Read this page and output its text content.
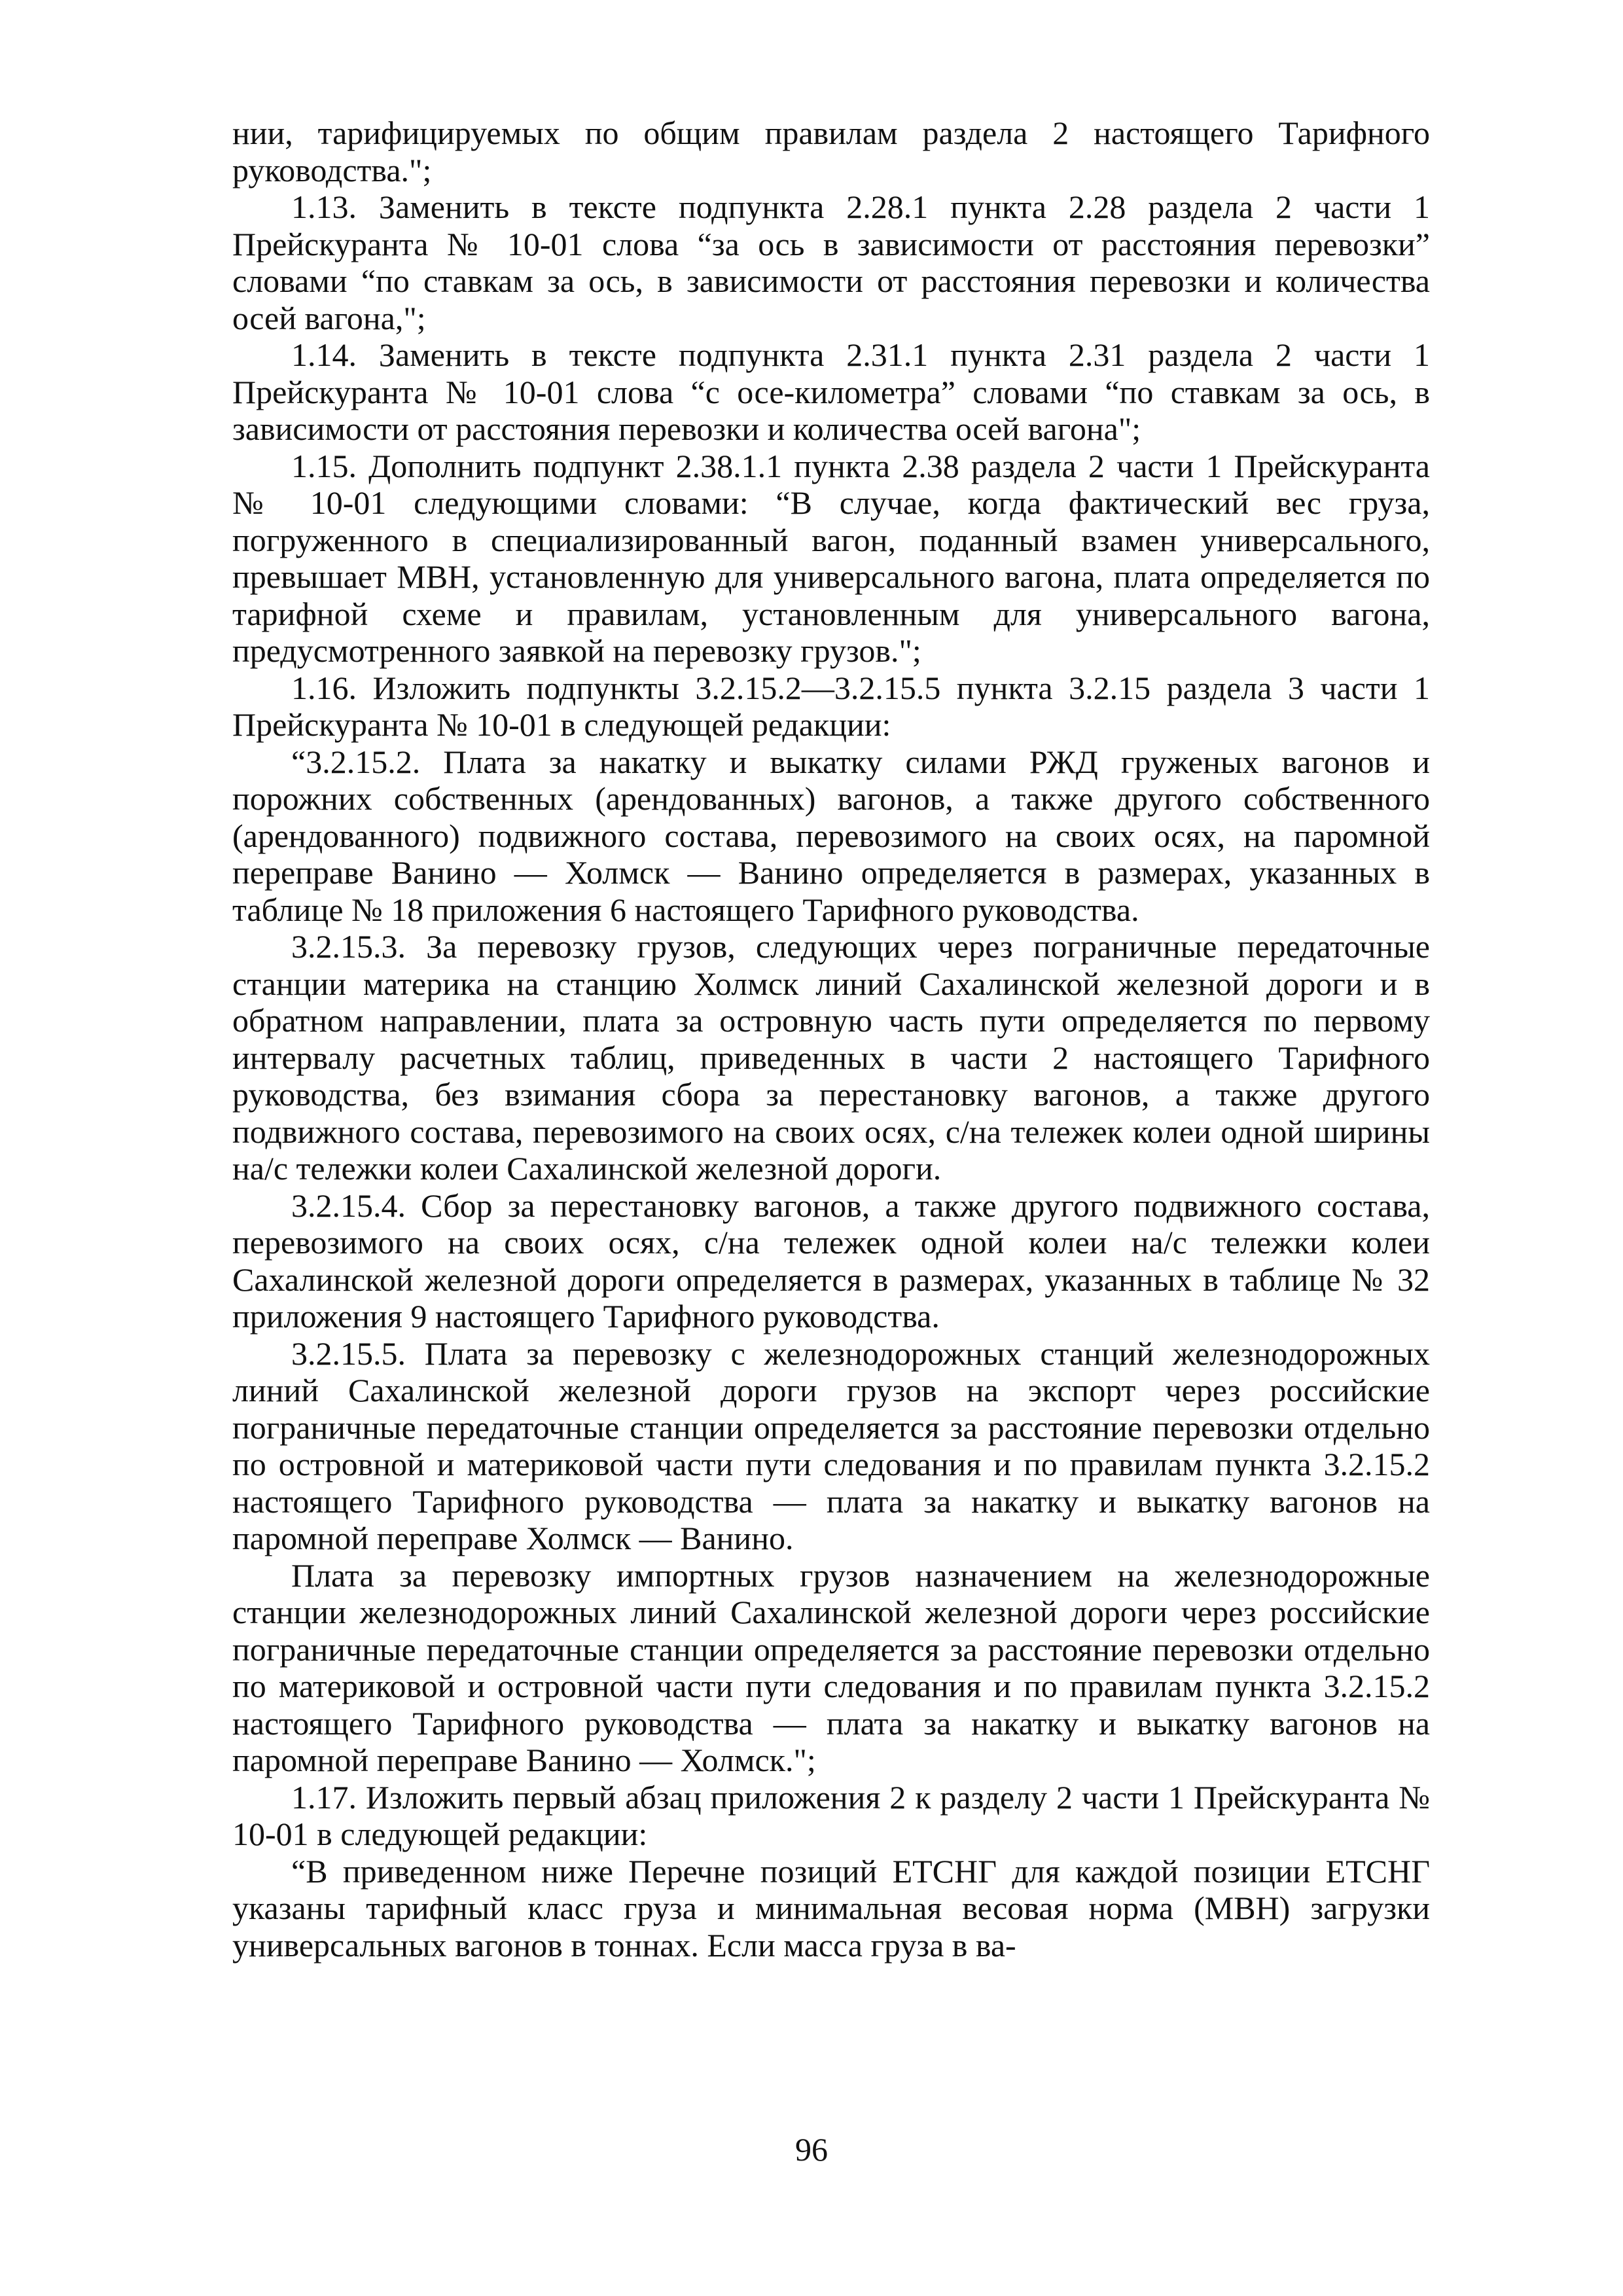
нии, тарифицируемых по общим правилам раздела 2 настоящего Тарифного руководства.";

1.13. Заменить в тексте подпункта 2.28.1 пункта 2.28 раздела 2 части 1 Прейскуранта № 10-01 слова “за ось в зависимости от расстояния перевозки” словами “по ставкам за ось, в зависимости от расстояния перевозки и количества осей вагона,";

1.14. Заменить в тексте подпункта 2.31.1 пункта 2.31 раздела 2 части 1 Прейскуранта № 10-01 слова “с осе-километра” словами “по ставкам за ось, в зависимости от расстояния перевозки и количества осей вагона";

1.15. Дополнить подпункт 2.38.1.1 пункта 2.38 раздела 2 части 1 Прейскуранта № 10-01 следующими словами: “В случае, когда фактический вес груза, погруженного в специализированный вагон, поданный взамен универсального, превышает МВН, установленную для универсального вагона, плата определяется по тарифной схеме и правилам, установленным для универсального вагона, предусмотренного заявкой на перевозку грузов.";

1.16. Изложить подпункты 3.2.15.2—3.2.15.5 пункта 3.2.15 раздела 3 части 1 Прейскуранта № 10-01 в следующей редакции:

“3.2.15.2. Плата за накатку и выкатку силами РЖД груженых вагонов и порожних собственных (арендованных) вагонов, а также другого собственного (арендованного) подвижного состава, перевозимого на своих осях, на паромной переправе Ванино — Холмск — Ванино определяется в размерах, указанных в таблице № 18 приложения 6 настоящего Тарифного руководства.

3.2.15.3. За перевозку грузов, следующих через пограничные передаточные станции материка на станцию Холмск линий Сахалинской железной дороги и в обратном направлении, плата за островную часть пути определяется по первому интервалу расчетных таблиц, приведенных в части 2 настоящего Тарифного руководства, без взимания сбора за перестановку вагонов, а также другого подвижного состава, перевозимого на своих осях, с/на тележек колеи одной ширины на/с тележки колеи Сахалинской железной дороги.

3.2.15.4. Сбор за перестановку вагонов, а также другого подвижного состава, перевозимого на своих осях, с/на тележек одной колеи на/с тележки колеи Сахалинской железной дороги определяется в размерах, указанных в таблице № 32 приложения 9 настоящего Тарифного руководства.

3.2.15.5. Плата за перевозку с железнодорожных станций железнодорожных линий Сахалинской железной дороги грузов на экспорт через российские пограничные передаточные станции определяется за расстояние перевозки отдельно по островной и материковой части пути следования и по правилам пункта 3.2.15.2 настоящего Тарифного руководства — плата за накатку и выкатку вагонов на паромной переправе Холмск — Ванино.

Плата за перевозку импортных грузов назначением на железнодорожные станции железнодорожных линий Сахалинской железной дороги через российские пограничные передаточные станции определяется за расстояние перевозки отдельно по материковой и островной части пути следования и по правилам пункта 3.2.15.2 настоящего Тарифного руководства — плата за накатку и выкатку вагонов на паромной переправе Ванино — Холмск.";

1.17. Изложить первый абзац приложения 2 к разделу 2 части 1 Прейскуранта № 10-01 в следующей редакции:

“В приведенном ниже Перечне позиций ЕТСНГ для каждой позиции ЕТСНГ указаны тарифный класс груза и минимальная весовая норма (МВН) загрузки универсальных вагонов в тоннах. Если масса груза в ва-

96
